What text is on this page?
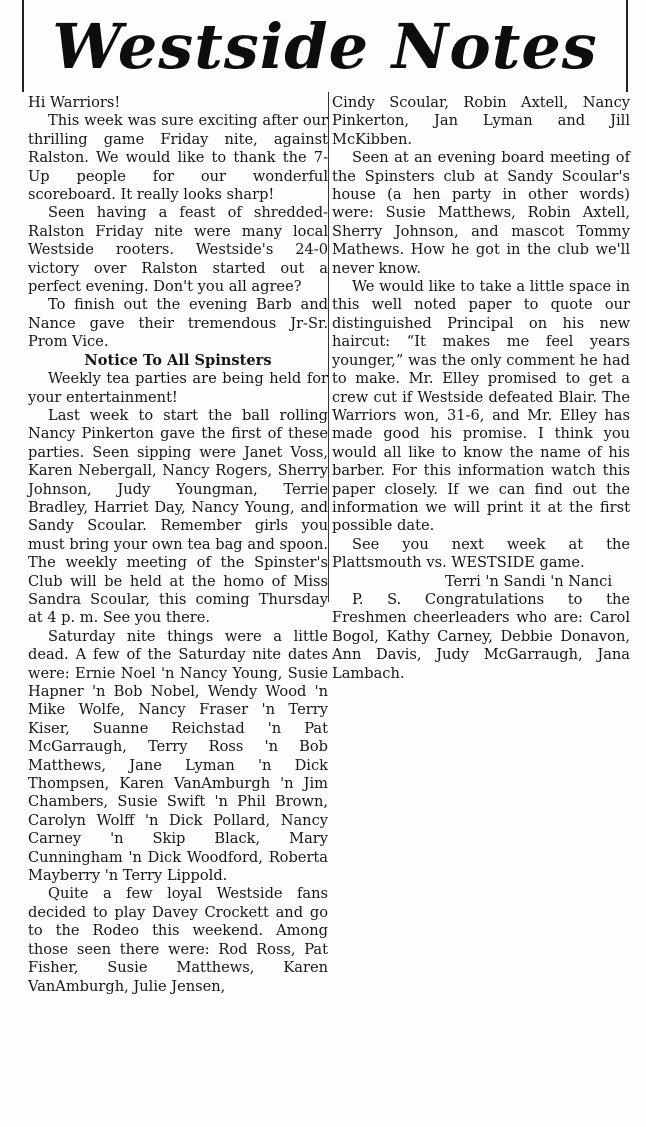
Westside Notes

Hi Warriors!

This week was sure exciting after our thrilling game Friday nite, against Ralston. We would like to thank the 7-Up people for our wonderful scoreboard. It really looks sharp!

Seen having a feast of shredded-Ralston Friday nite were many local Westside rooters. Westside's 24-0 victory over Ralston started out a perfect evening. Don't you all agree?

To finish out the evening Barb and Nance gave their tremendous Jr-Sr. Prom Vice.

Notice To All Spinsters

Weekly tea parties are being held for your entertainment!

Last week to start the ball rolling Nancy Pinkerton gave the first of these parties. Seen sipping were Janet Voss, Karen Nebergall, Nancy Rogers, Sherry Johnson, Judy Youngman, Terrie Bradley, Harriet Day, Nancy Young, and Sandy Scoular. Remember girls you must bring your own tea bag and spoon. The weekly meeting of the Spinster's Club will be held at the homo of Miss Sandra Scoular, this coming Thursday at 4 p. m. See you there.

Saturday nite things were a little dead. A few of the Saturday nite dates were: Ernie Noel 'n Nancy Young, Susie Hapner 'n Bob Nobel, Wendy Wood 'n Mike Wolfe, Nancy Fraser 'n Terry Kiser, Suanne Reichstad 'n Pat McGarraugh, Terry Ross 'n Bob Matthews, Jane Lyman 'n Dick Thompsen, Karen VanAmburgh 'n Jim Chambers, Susie Swift 'n Phil Brown, Carolyn Wolff 'n Dick Pollard, Nancy Carney 'n Skip Black, Mary Cunningham 'n Dick Woodford, Roberta Mayberry 'n Terry Lippold.

Quite a few loyal Westside fans decided to play Davey Crockett and go to the Rodeo this weekend. Among those seen there were: Rod Ross, Pat Fisher, Susie Matthews, Karen VanAmburgh, Julie Jensen,

Cindy Scoular, Robin Axtell, Nancy Pinkerton, Jan Lyman and Jill McKibben.

Seen at an evening board meeting of the Spinsters club at Sandy Scoular's house (a hen party in other words) were: Susie Matthews, Robin Axtell, Sherry Johnson, and mascot Tommy Mathews. How he got in the club we'll never know.

We would like to take a little space in this well noted paper to quote our distinguished Principal on his new haircut: “It makes me feel years younger,” was the only comment he had to make. Mr. Elley promised to get a crew cut if Westside defeated Blair. The Warriors won, 31-6, and Mr. Elley has made good his promise. I think you would all like to know the name of his barber. For this information watch this paper closely. If we can find out the information we will print it at the first possible date.

See you next week at the Plattsmouth vs. WESTSIDE game.

Terri 'n Sandi 'n Nanci

P. S. Congratulations to the Freshmen cheerleaders who are: Carol Bogol, Kathy Carney, Debbie Donavon, Ann Davis, Judy McGarraugh, Jana Lambach.
